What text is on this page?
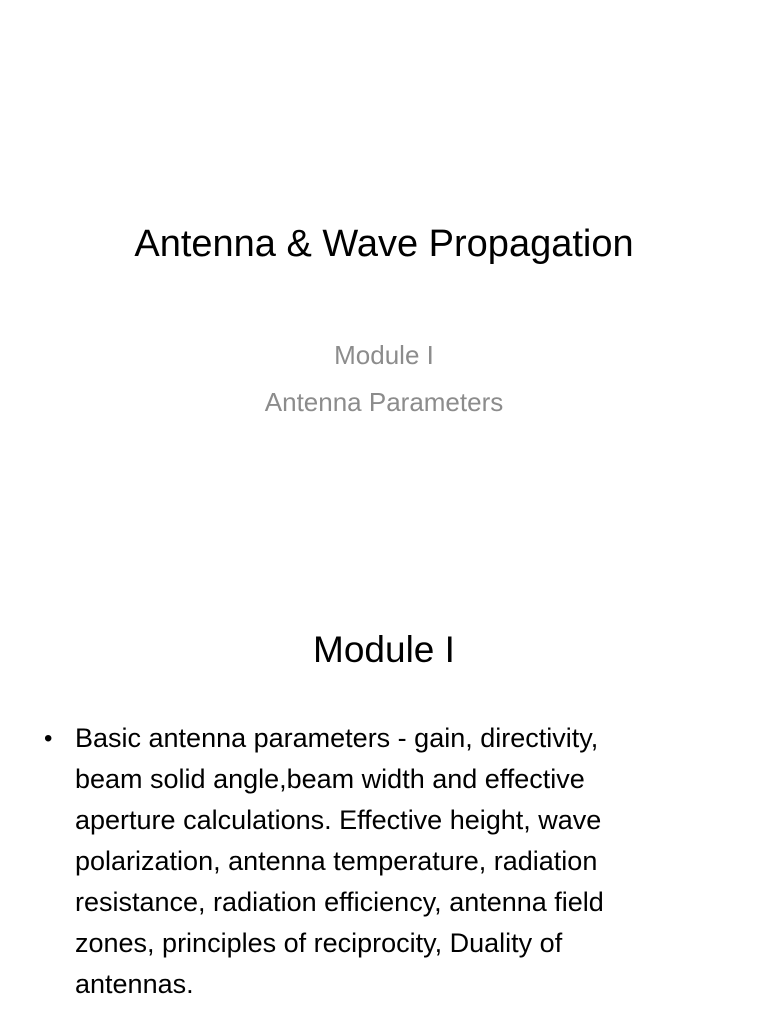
Antenna & Wave Propagation
Module I
Antenna Parameters
Module I
• Basic antenna parameters - gain, directivity,
beam solid angle,beam width and effective
aperture calculations. Effective height, wave
polarization, antenna temperature, radiation
resistance, radiation efficiency, antenna field
zones, principles of reciprocity, Duality of
antennas.
